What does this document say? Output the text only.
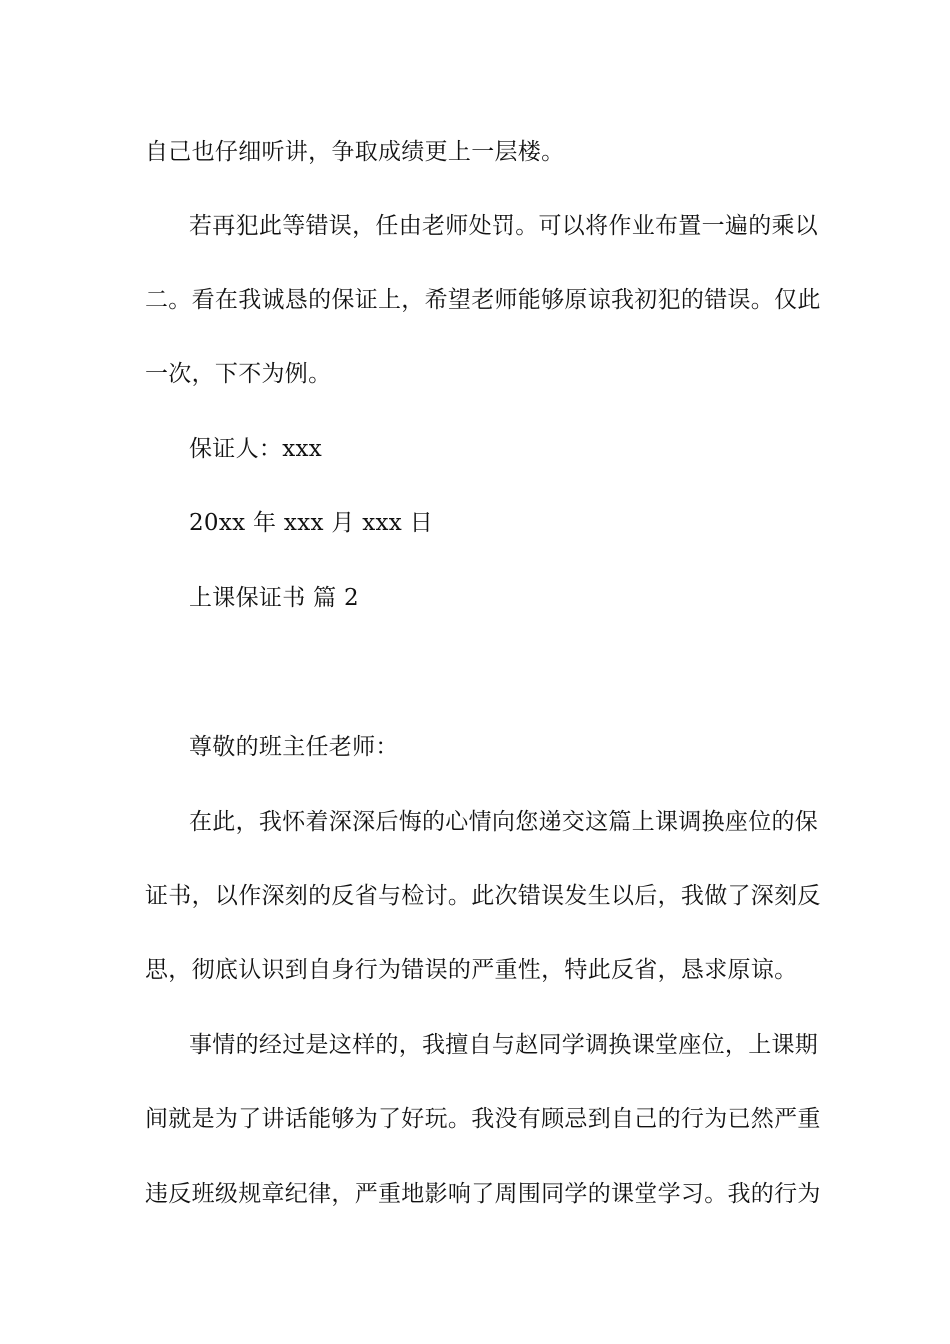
自己也仔细听讲，争取成绩更上一层楼。
若再犯此等错误，任由老师处罚。可以将作业布置一遍的乘以
二。看在我诚恳的保证上，希望老师能够原谅我初犯的错误。仅此
一次，下不为例。
保证人：xxx
20xx 年 xxx 月 xxx 日
上课保证书 篇 2
尊敬的班主任老师：
在此，我怀着深深后悔的心情向您递交这篇上课调换座位的保
证书，以作深刻的反省与检讨。此次错误发生以后，我做了深刻反
思，彻底认识到自身行为错误的严重性，特此反省，恳求原谅。
事情的经过是这样的，我擅自与赵同学调换课堂座位，上课期
间就是为了讲话能够为了好玩。我没有顾忌到自己的行为已然严重
违反班级规章纪律，严重地影响了周围同学的课堂学习。我的行为
